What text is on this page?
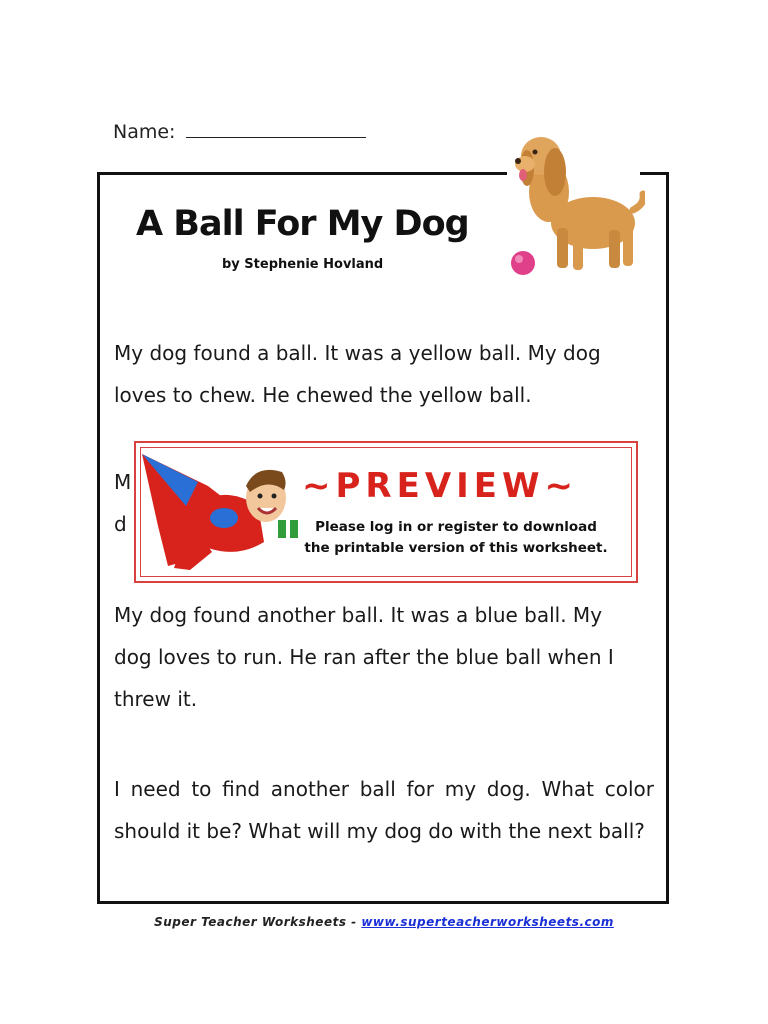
Name:
A Ball For My Dog
by Stephenie Hovland
My dog found a ball. It was a yellow ball. My dog
loves to chew. He chewed the yellow ball.
M
d
~PREVIEW~
Please log in or register to download
the printable version of this worksheet.
My dog found another ball. It was a blue ball. My
dog loves to run. He ran after the blue ball when I
threw it.
I need to find another ball for my dog. What color should it be? What will my dog do with the next ball?
Super Teacher Worksheets - www.superteacherworksheets.com
